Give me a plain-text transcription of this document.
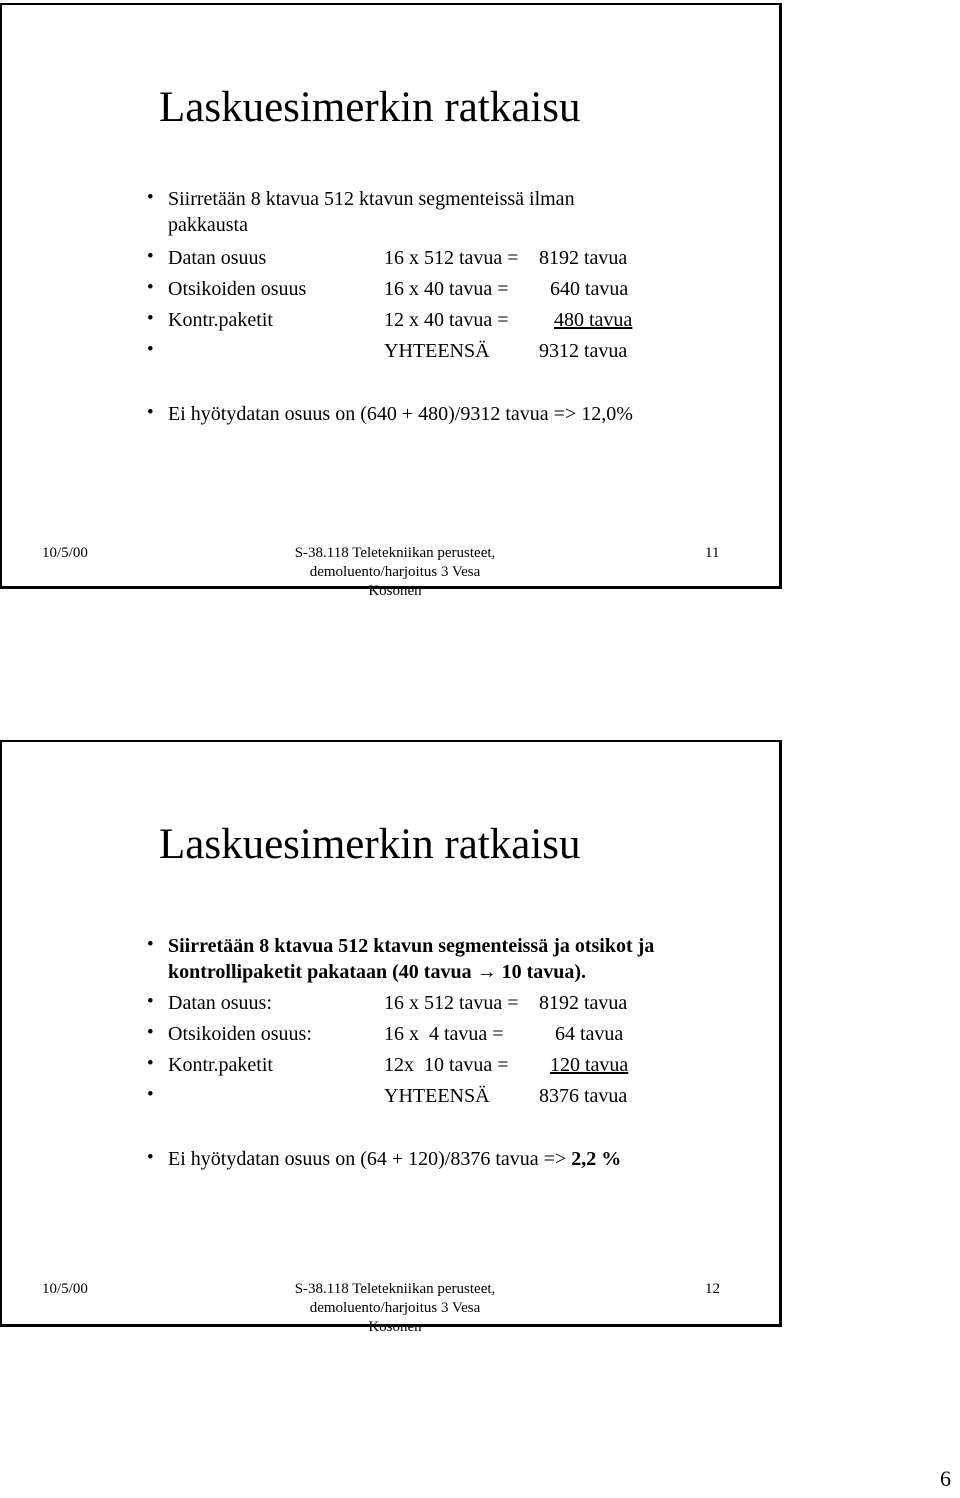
Laskuesimerkin ratkaisu
• Siirretään 8 ktavua 512 ktavun segmenteissä ilman
pakkausta
• Datan osuus	16 x 512 tavua = 8192 tavua
• Otsikoiden osuus	16 x 40 tavua = 640 tavua
• Kontr.paketit	12 x 40 tavua =	480 tavua
•	YHTEENSÄ 9312 tavua
• Ei hyötydatan osuus on (640 + 480)/9312 tavua => 12,0%
10/5/00	S-38.118 Teletekniikan perusteet, demoluento/harjoitus 3 Vesa Kosonen
11
Laskuesimerkin ratkaisu
• Siirretään 8 ktavua 512 ktavun segmenteissä ja otsikot ja
kontrollipaketit pakataan (40 tavua → 10 tavua).
• Datan osuus:	16 x 512 tavua = 8192 tavua
• Otsikoiden osuus:	16 x  4 tavua =	64 tavua
• Kontr.paketit	12x  10 tavua = 120 tavua
•	YHTEENSÄ 8376 tavua
• Ei hyötydatan osuus on (64 + 120)/8376 tavua => 2,2 %
10/5/00	S-38.118 Teletekniikan perusteet, demoluento/harjoitus 3 Vesa Kosonen
12
6
